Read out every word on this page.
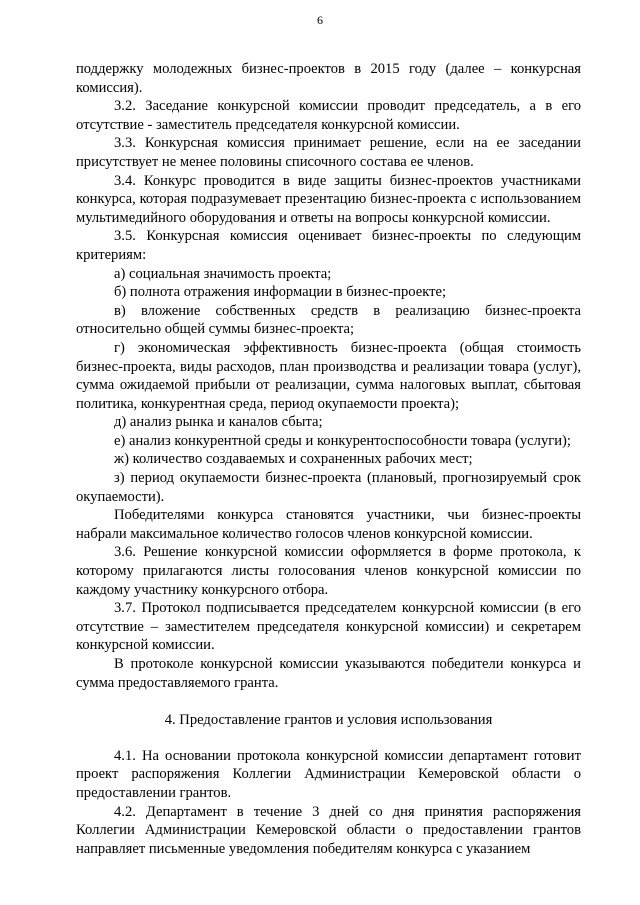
6

поддержку молодежных бизнес-проектов в 2015 году (далее – конкурсная комиссия).

3.2. Заседание конкурсной комиссии проводит председатель, а в его отсутствие - заместитель председателя конкурсной комиссии.

3.3. Конкурсная комиссия принимает решение, если на ее заседании присутствует не менее половины списочного состава ее членов.

3.4. Конкурс проводится в виде защиты бизнес-проектов участниками конкурса, которая подразумевает презентацию бизнес-проекта с использованием мультимедийного оборудования и ответы на вопросы конкурсной комиссии.

3.5. Конкурсная комиссия оценивает бизнес-проекты по следующим критериям:

а) социальная значимость проекта;

б) полнота отражения информации в бизнес-проекте;

в) вложение собственных средств в реализацию бизнес-проекта относительно общей суммы бизнес-проекта;

г) экономическая эффективность бизнес-проекта (общая стоимость бизнес-проекта, виды расходов, план производства и реализации товара (услуг), сумма ожидаемой прибыли от реализации, сумма налоговых выплат, сбытовая политика, конкурентная среда, период окупаемости проекта);

д) анализ рынка и каналов сбыта;

е) анализ конкурентной среды и конкурентоспособности товара (услуги);

ж) количество создаваемых и сохраненных рабочих мест;

з) период окупаемости бизнес-проекта (плановый, прогнозируемый срок окупаемости).

Победителями конкурса становятся участники, чьи бизнес-проекты набрали максимальное количество голосов членов конкурсной комиссии.

3.6. Решение конкурсной комиссии оформляется в форме протокола, к которому прилагаются листы голосования членов конкурсной комиссии по каждому участнику конкурсного отбора.

3.7. Протокол подписывается председателем конкурсной комиссии (в его отсутствие – заместителем председателя конкурсной комиссии) и секретарем конкурсной комиссии.

В протоколе конкурсной комиссии указываются победители конкурса и сумма предоставляемого гранта.

4. Предоставление грантов и условия использования

4.1. На основании протокола конкурсной комиссии департамент готовит проект распоряжения Коллегии Администрации Кемеровской области о предоставлении грантов.

4.2. Департамент в течение 3 дней со дня принятия распоряжения Коллегии Администрации Кемеровской области о предоставлении грантов направляет письменные уведомления победителям конкурса с указанием
